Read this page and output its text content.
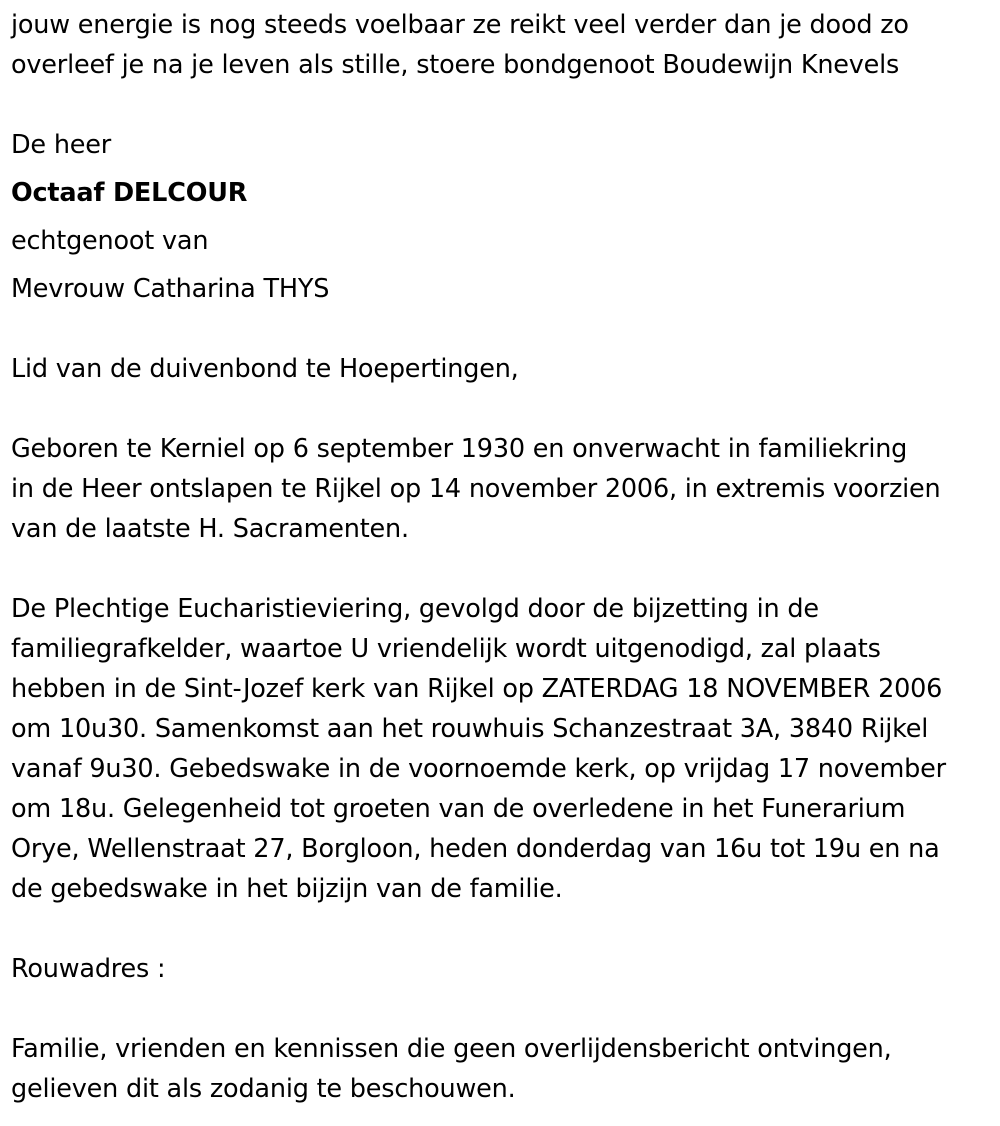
jouw energie is nog steeds voelbaar ze reikt veel verder dan je dood zo

overleef je na je leven als stille, stoere bondgenoot Boudewijn Knevels

De heer

Octaaf DELCOUR

echtgenoot van

Mevrouw Catharina THYS

Lid van de duivenbond te Hoepertingen,

Geboren te Kerniel op 6 september 1930 en onverwacht in familiekring

in de Heer ontslapen te Rijkel op 14 november 2006, in extremis voorzien

van de laatste H. Sacramenten.

De Plechtige Eucharistieviering, gevolgd door de bijzetting in de

familiegrafkelder, waartoe U vriendelijk wordt uitgenodigd, zal plaats

hebben in de Sint-Jozef kerk van Rijkel op ZATERDAG 18 NOVEMBER 2006

om 10u30. Samenkomst aan het rouwhuis Schanzestraat 3A, 3840 Rijkel

vanaf 9u30. Gebedswake in de voornoemde kerk, op vrijdag 17 november

om 18u. Gelegenheid tot groeten van de overledene in het Funerarium

Orye, Wellenstraat 27, Borgloon, heden donderdag van 16u tot 19u en na

de gebedswake in het bijzijn van de familie.

Rouwadres :

Familie, vrienden en kennissen die geen overlijdensbericht ontvingen,

gelieven dit als zodanig te beschouwen.
